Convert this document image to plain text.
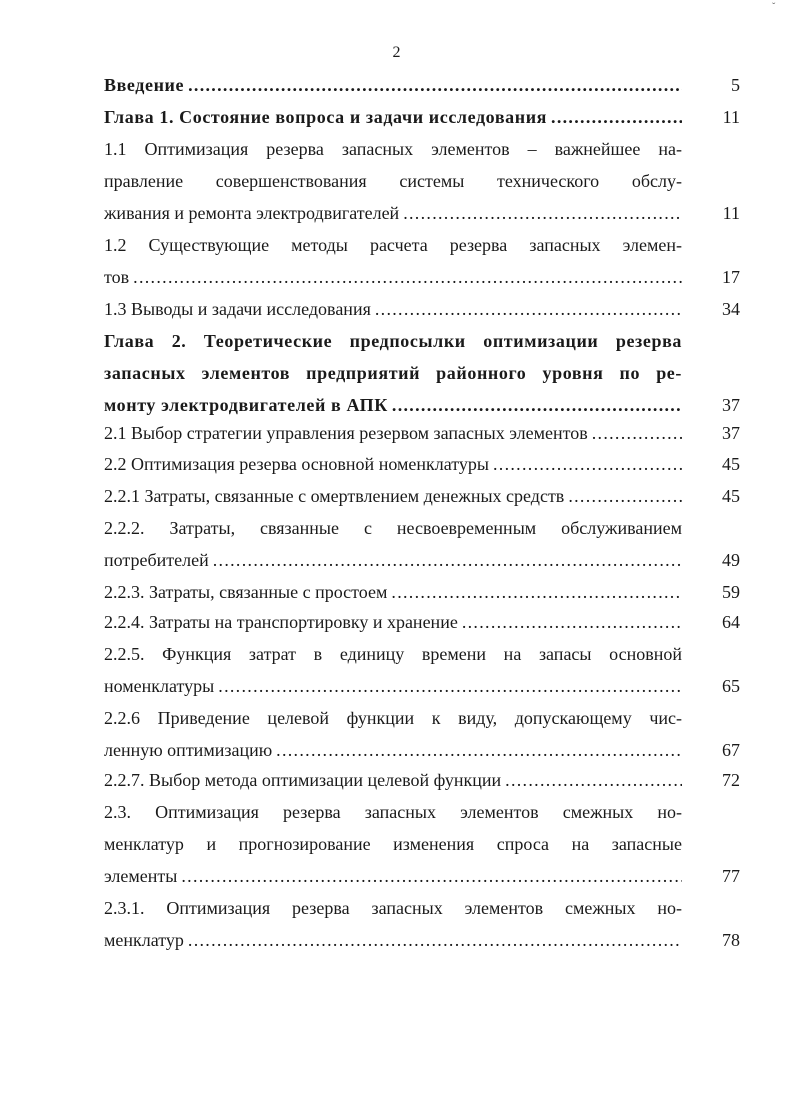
2
Введение . . .	5
Глава 1. Состояние вопроса и задачи исследования . . .	11
1.1 Оптимизация резерва запасных элементов – важнейшее на-
правление совершенствования системы технического обслу-
живания и ремонта электродвигателей . . .	11
1.2 Существующие методы расчета резерва запасных элемен-
тов . . .	17
1.3 Выводы и задачи исследования . . .	34
Глава 2. Теоретические предпосылки оптимизации резерва
запасных элементов предприятий районного уровня по ре-
монту электродвигателей в АПК . . .	37
2.1 Выбор стратегии управления резервом запасных элементов . . .	37
2.2 Оптимизация резерва основной номенклатуры . . .	45
2.2.1 Затраты, связанные с омертвлением денежных средств . . .	45
2.2.2. Затраты, связанные с несвоевременным обслуживанием
потребителей . . .	49
2.2.3. Затраты, связанные с простоем . . .	59
2.2.4. Затраты на транспортировку и хранение . . .	64
2.2.5. Функция затрат в единицу времени на запасы основной
номенклатуры . . .	65
2.2.6 Приведение целевой функции к виду, допускающему чис-
ленную оптимизацию . . .	67
2.2.7. Выбор метода оптимизации целевой функции . . .	72
2.3. Оптимизация резерва запасных элементов смежных но-
менклатур и прогнозирование изменения спроса на запасные
элементы . . .	77
2.3.1. Оптимизация резерва запасных элементов смежных но-
менклатур . . .	78
ˇ
